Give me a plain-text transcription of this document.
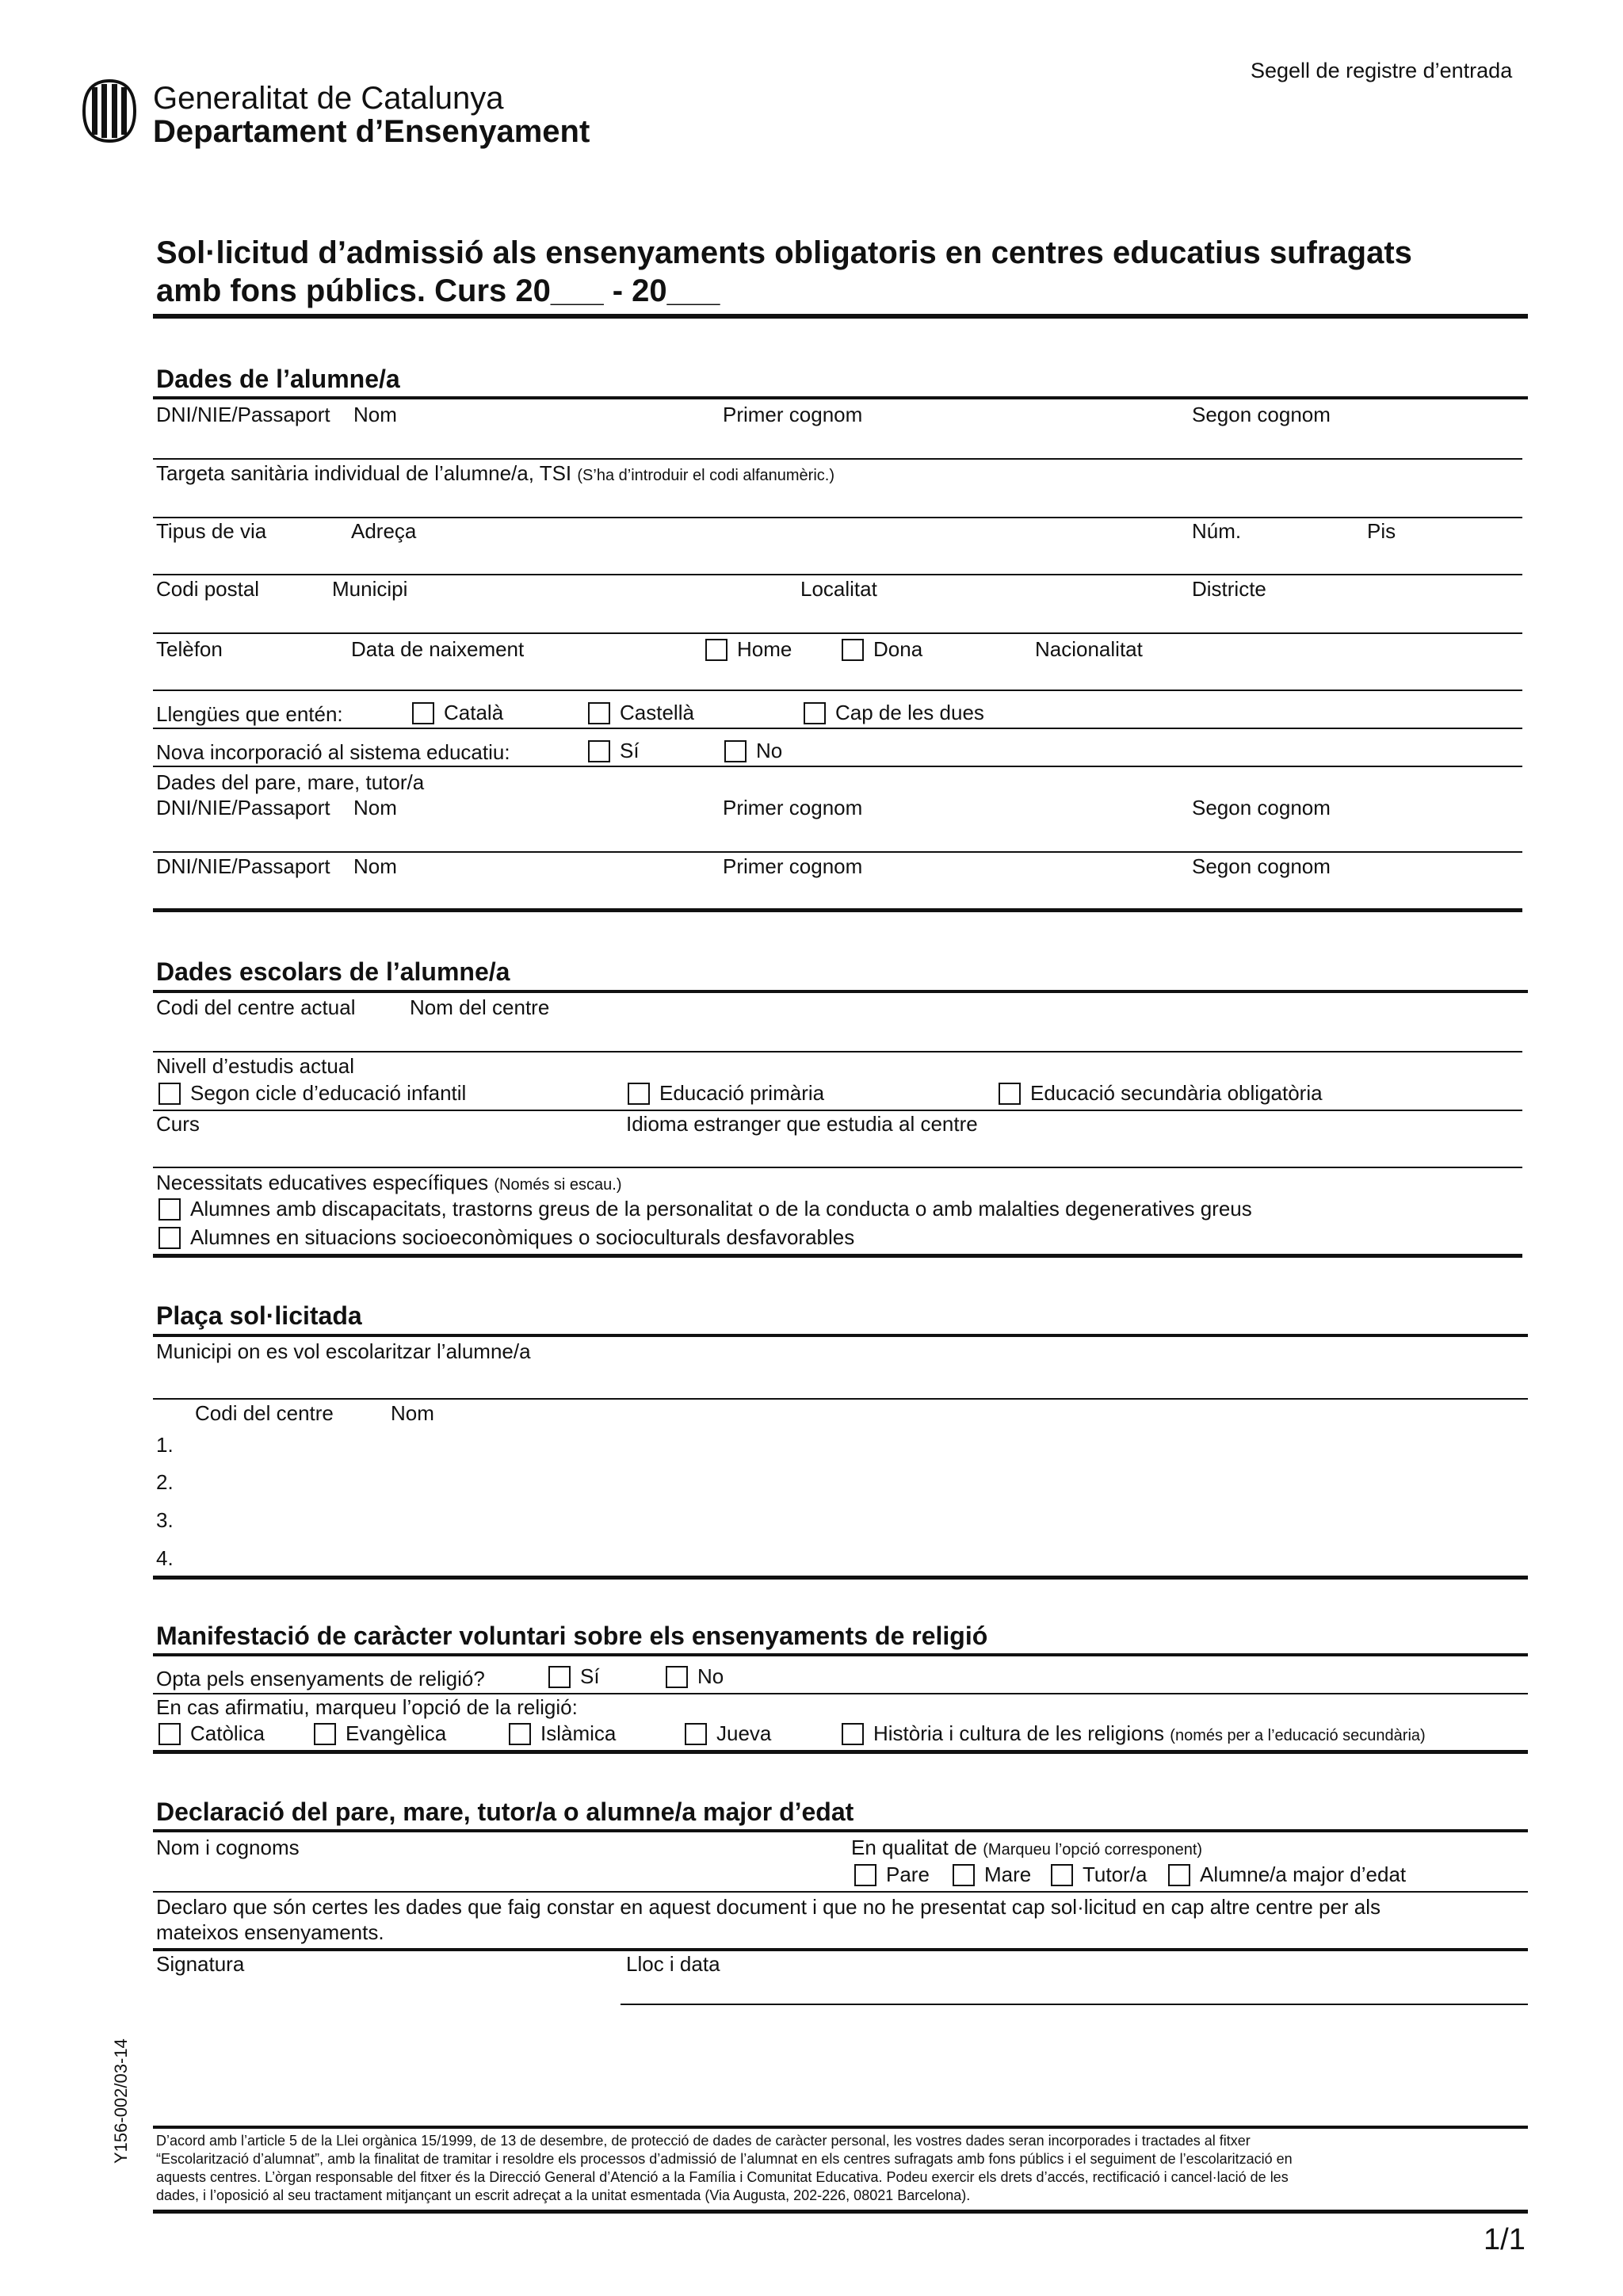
Segell de registre d’entrada
Generalitat de Catalunya
Departament d’Ensenyament
Sol·licitud d’admissió als ensenyaments obligatoris en centres educatius sufragats
amb fons públics. Curs 20___ - 20___
Dades de l’alumne/a
DNI/NIE/Passaport Nom	Primer cognom	Segon cognom
Targeta sanitària individual de l’alumne/a, TSI (S’ha d’introduir el codi alfanumèric.)
Tipus de via	Adreça	Núm.	Pis
Codi postal	Municipi	Localitat	Districte
Telèfon	Data de naixement	Home	Dona	Nacionalitat
Llengües que entén:	Català	Castellà	Cap de les dues
Nova incorporació al sistema educatiu:	Sí	No
Dades del pare, mare, tutor/a
DNI/NIE/Passaport Nom	Primer cognom	Segon cognom
DNI/NIE/Passaport Nom	Primer cognom	Segon cognom
Dades escolars de l’alumne/a
Codi del centre actual	Nom del centre
Nivell d’estudis actual
Segon cicle d’educació infantil	Educació primària	Educació secundària obligatòria
Curs	Idioma estranger que estudia al centre
Necessitats educatives específiques (Només si escau.)
Alumnes amb discapacitats, trastorns greus de la personalitat o de la conducta o amb malalties degeneratives greus
Alumnes en situacions socioeconòmiques o socioculturals desfavorables
Plaça sol·licitada
Municipi on es vol escolaritzar l’alumne/a
Codi del centre	Nom
1.
2.
3.
4.
Manifestació de caràcter voluntari sobre els ensenyaments de religió
Opta pels ensenyaments de religió?	Sí	No
En cas afirmatiu, marqueu l’opció de la religió:
Catòlica	Evangèlica	Islàmica	Jueva	Història i cultura de les religions (només per a l’educació secundària)
Declaració del pare, mare, tutor/a o alumne/a major d’edat
Nom i cognoms	En qualitat de (Marqueu l’opció corresponent)
Pare	Mare	Tutor/a	Alumne/a major d’edat
Declaro que són certes les dades que faig constar en aquest document i que no he presentat cap sol·licitud en cap altre centre per als
mateixos ensenyaments.
Signatura	Lloc i data
Y156-002/03-14 D’acord amb l’article 5 de la Llei orgànica 15/1999, de 13 de desembre, de protecció de dades de caràcter personal, les vostres dades seran incorporades i tractades al fitxer
“Escolarització d’alumnat”, amb la finalitat de tramitar i resoldre els processos d’admissió de l’alumnat en els centres sufragats amb fons públics i el seguiment de l’escolarització en
aquests centres. L’òrgan responsable del fitxer és la Direcció General d’Atenció a la Família i Comunitat Educativa. Podeu exercir els drets d’accés, rectificació i cancel·lació de les
dades, i l’oposició al seu tractament mitjançant un escrit adreçat a la unitat esmentada (Via Augusta, 202-226, 08021 Barcelona).
1/1
